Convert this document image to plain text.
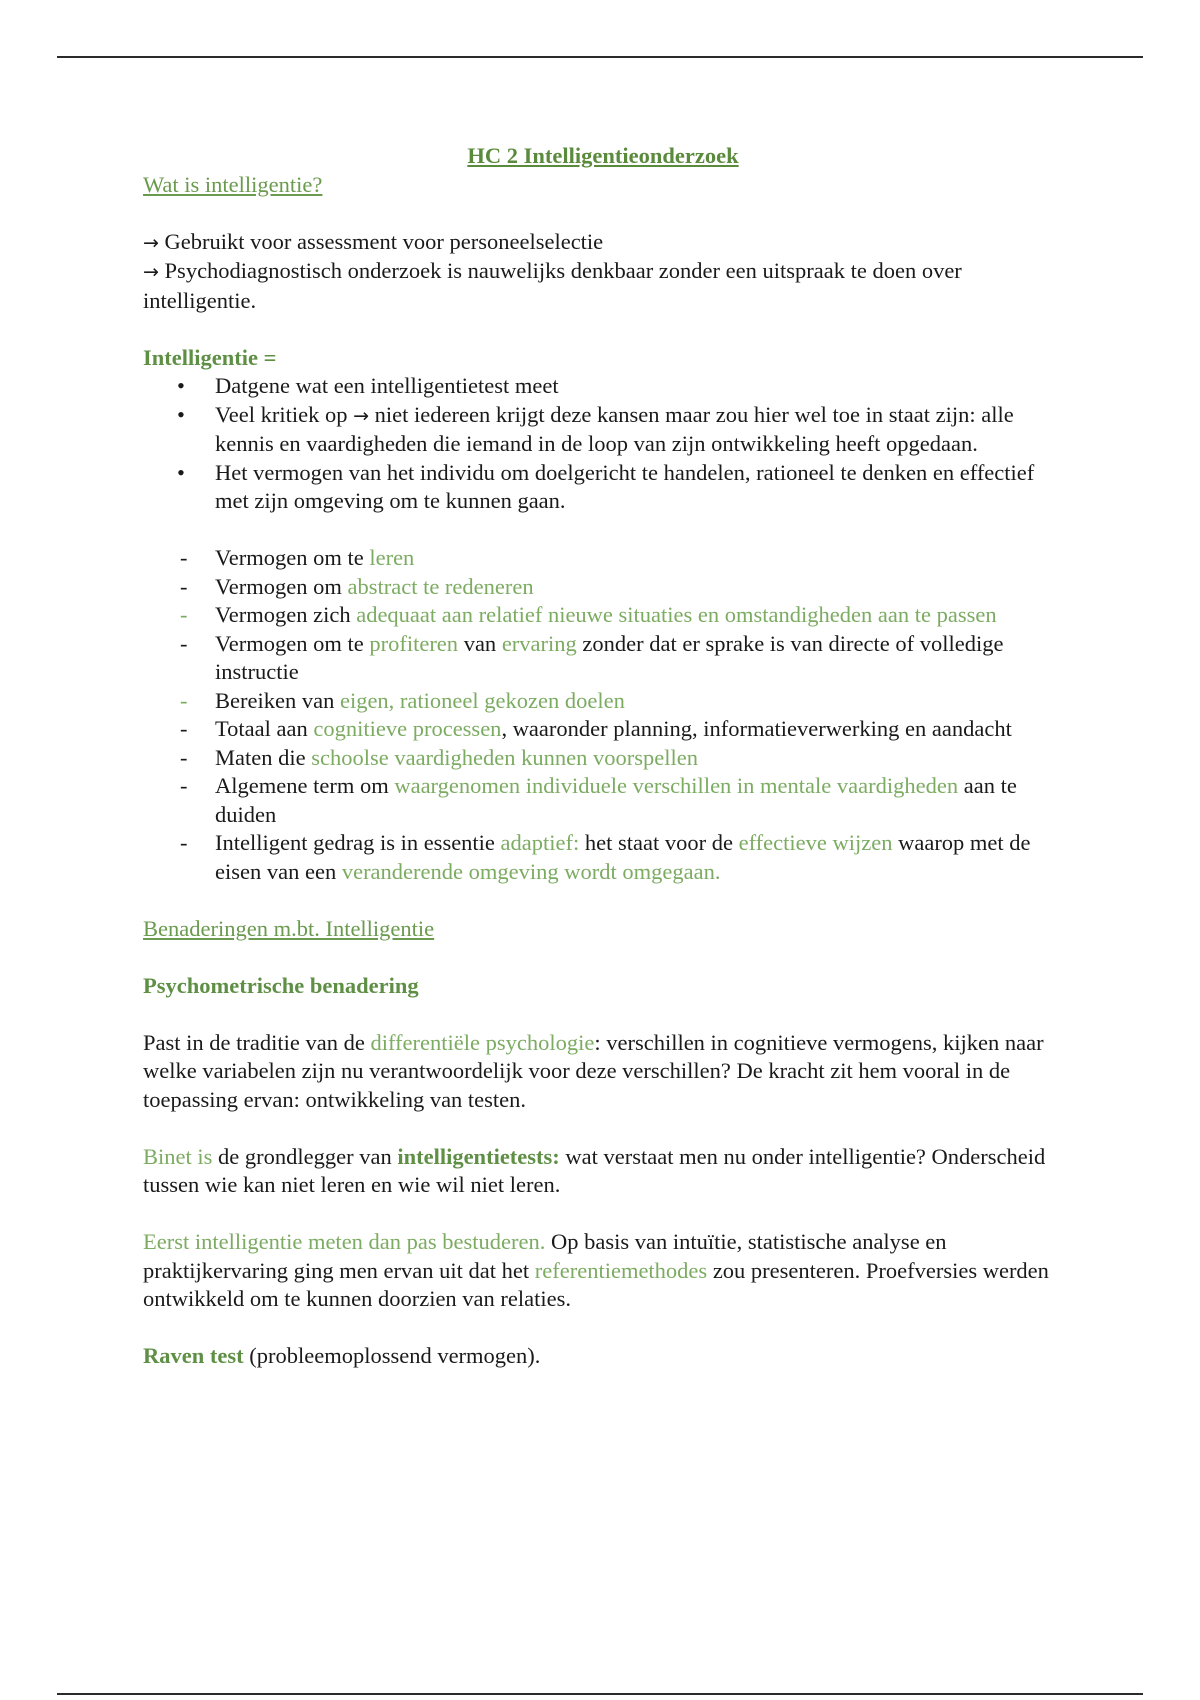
HC 2 Intelligentieonderzoek

Wat is intelligentie?

→ Gebruikt voor assessment voor personeelselectie

→ Psychodiagnostisch onderzoek is nauwelijks denkbaar zonder een uitspraak te doen over intelligentie.

Intelligentie =

• Datgene wat een intelligentietest meet
• Veel kritiek op → niet iedereen krijgt deze kansen maar zou hier wel toe in staat zijn: alle kennis en vaardigheden die iemand in de loop van zijn ontwikkeling heeft opgedaan.
• Het vermogen van het individu om doelgericht te handelen, rationeel te denken en effectief met zijn omgeving om te kunnen gaan.
- Vermogen om te leren
- Vermogen om abstract te redeneren
- Vermogen zich adequaat aan relatief nieuwe situaties en omstandigheden aan te passen
- Vermogen om te profiteren van ervaring zonder dat er sprake is van directe of volledige instructie
- Bereiken van eigen, rationeel gekozen doelen
- Totaal aan cognitieve processen, waaronder planning, informatieverwerking en aandacht
- Maten die schoolse vaardigheden kunnen voorspellen
- Algemene term om waargenomen individuele verschillen in mentale vaardigheden aan te duiden
- Intelligent gedrag is in essentie adaptief: het staat voor de effectieve wijzen waarop met de eisen van een veranderende omgeving wordt omgegaan.

Benaderingen m.bt. Intelligentie

Psychometrische benadering

Past in de traditie van de differentiële psychologie: verschillen in cognitieve vermogens, kijken naar welke variabelen zijn nu verantwoordelijk voor deze verschillen? De kracht zit hem vooral in de toepassing ervan: ontwikkeling van testen.

Binet is de grondlegger van intelligentietests: wat verstaat men nu onder intelligentie? Onderscheid tussen wie kan niet leren en wie wil niet leren.

Eerst intelligentie meten dan pas bestuderen. Op basis van intuïtie, statistische analyse en praktijkervaring ging men ervan uit dat het referentiemethodes zou presenteren. Proefversies werden ontwikkeld om te kunnen doorzien van relaties.

Raven test (probleemoplossend vermogen).
